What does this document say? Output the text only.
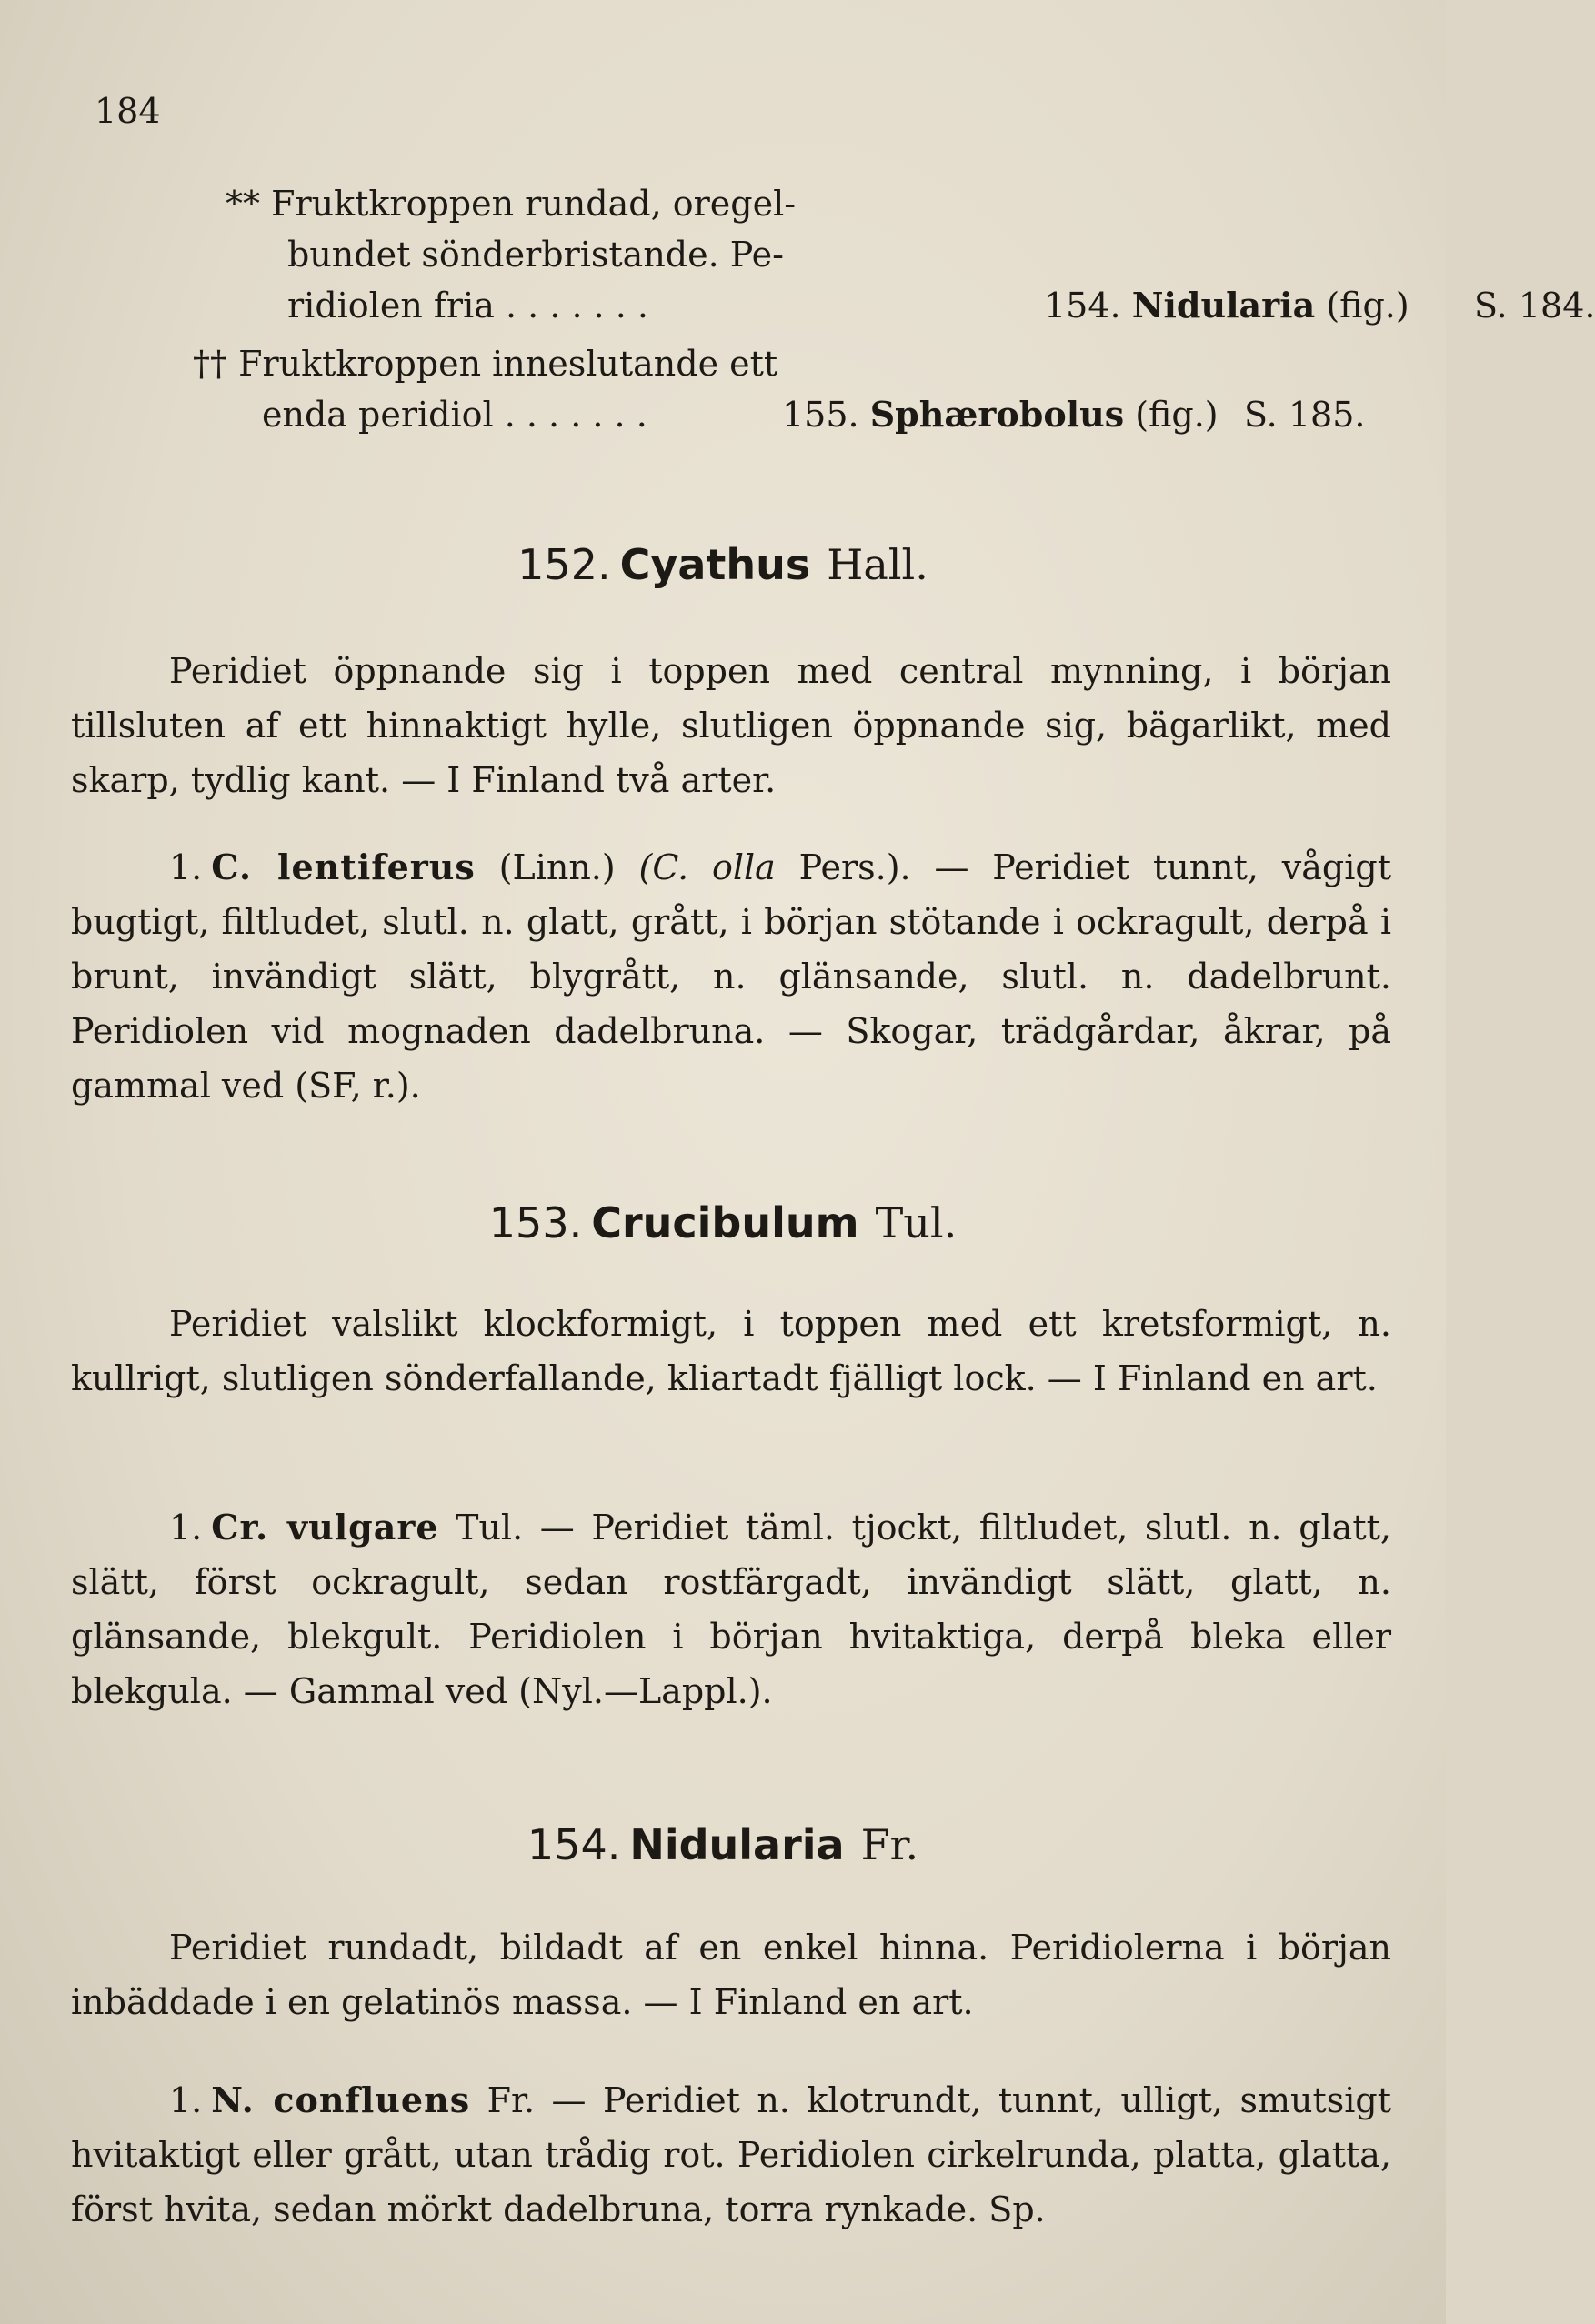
184
** Fruktkroppen rundad, oregel-
bundet sönderbristande. Pe-
ridiolen fria . . . . . . .	154. Nidularia (fig.) S. 184.
†† Fruktkroppen inneslutande ett
enda peridiol . . . . . . .	155. Sphærobolus (fig.) S. 185.
152. Cyathus Hall.
Peridiet öppnande sig i toppen med central mynning, i början tillsluten af ett hinnaktigt hylle, slutligen öppnande sig, bägarlikt, med skarp, tydlig kant. — I Finland två arter.
1. C. lentiferus (Linn.) (C. olla Pers.). — Peridiet tunnt, vågigt bugtigt, filtludet, slutl. n. glatt, grått, i början stötande i ockragult, derpå i brunt, invändigt slätt, blygrått, n. glänsande, slutl. n. dadelbrunt. Peridiolen vid mognaden dadelbruna. — Skogar, trädgårdar, åkrar, på gammal ved (SF, r.).
153. Crucibulum Tul.
Peridiet valslikt klockformigt, i toppen med ett kretsformigt, n. kullrigt, slutligen sönderfallande, kliartadt fjälligt lock. — I Finland en art.
1. Cr. vulgare Tul. — Peridiet täml. tjockt, filtludet, slutl. n. glatt, slätt, först ockragult, sedan rostfärgadt, invändigt slätt, glatt, n. glänsande, blekgult. Peridiolen i början hvitaktiga, derpå bleka eller blekgula. — Gammal ved (Nyl.—Lappl.).
154. Nidularia Fr.
Peridiet rundadt, bildadt af en enkel hinna. Peridiolerna i början inbäddade i en gelatinös massa. — I Finland en art.
1. N. confluens Fr. — Peridiet n. klotrundt, tunnt, ulligt, smutsigt hvitaktigt eller grått, utan trådig rot. Peridiolen cirkelrunda, platta, glatta, först hvita, sedan mörkt dadelbruna, torra rynkade. Sp.
